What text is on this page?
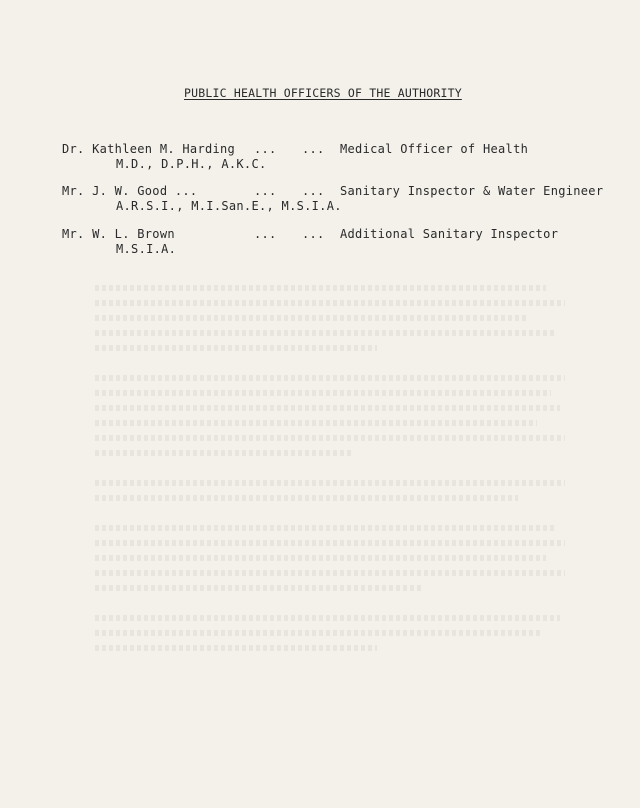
PUBLIC HEALTH OFFICERS OF THE AUTHORITY
Dr. Kathleen M. Harding ... ... Medical Officer of Health
M.D., D.P.H., A.K.C.
Mr. J. W. Good ...	... ... Sanitary Inspector & Water Engineer
A.R.S.I., M.I.San.E., M.S.I.A.
Mr. W. L. Brown	... ... Additional Sanitary Inspector
M.S.I.A.
